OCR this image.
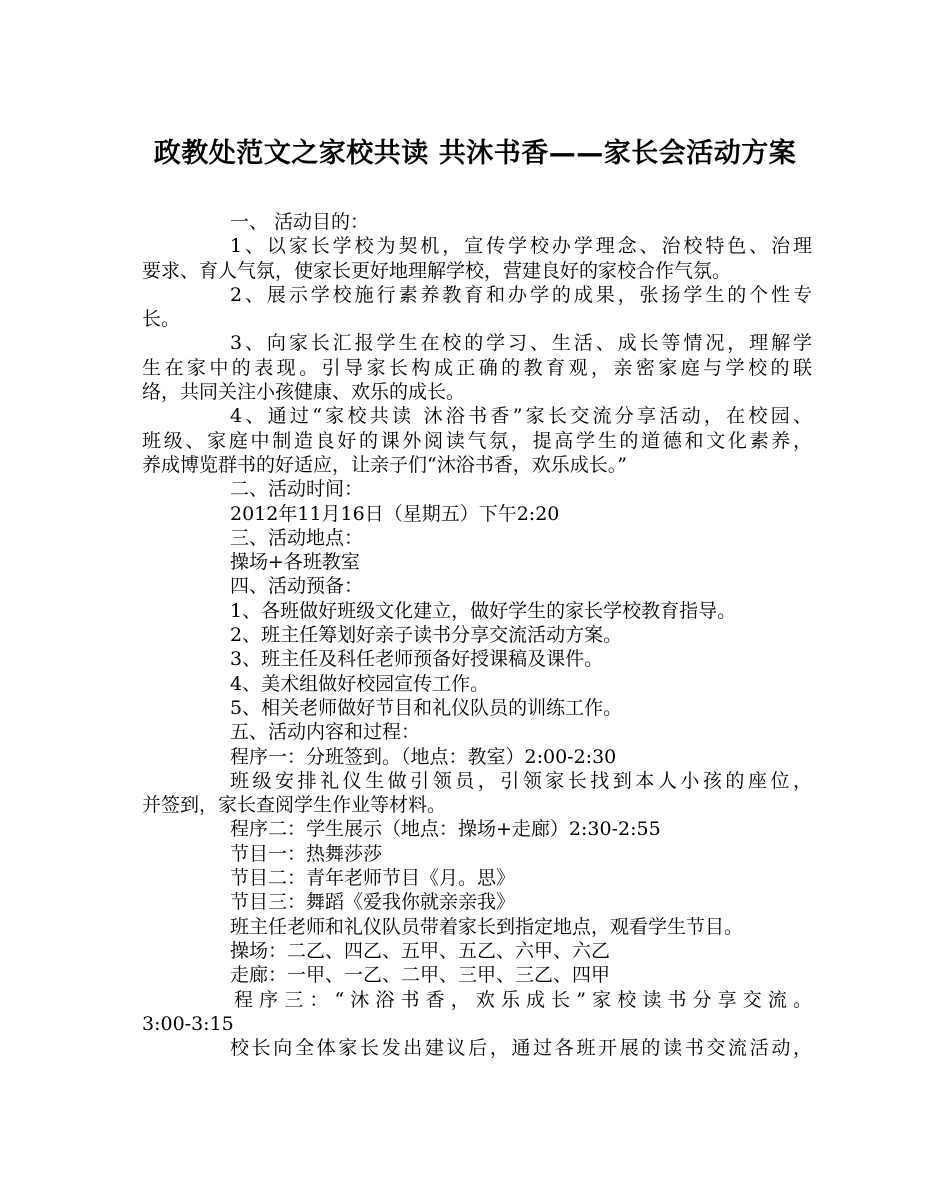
政教处范文之家校共读 共沐书香——家长会活动方案

一、 活动目的：

1、以家长学校为契机，宣传学校办学理念、治校特色、治理

要求、育人气氛，使家长更好地理解学校，营建良好的家校合作气氛。

2、展示学校施行素养教育和办学的成果，张扬学生的个性专

长。

3、向家长汇报学生在校的学习、生活、成长等情况，理解学

生在家中的表现。引导家长构成正确的教育观，亲密家庭与学校的联

络，共同关注小孩健康、欢乐的成长。

4、通过“家校共读 沐浴书香”家长交流分享活动，在校园、

班级、家庭中制造良好的课外阅读气氛，提高学生的道德和文化素养，

养成博览群书的好适应，让亲子们“沐浴书香，欢乐成长。”

二、活动时间：

2012年11月16日（星期五）下午2:20

三、活动地点：

操场+各班教室

四、活动预备：

1、各班做好班级文化建立，做好学生的家长学校教育指导。

2、班主任筹划好亲子读书分享交流活动方案。

3、班主任及科任老师预备好授课稿及课件。

4、美术组做好校园宣传工作。

5、相关老师做好节目和礼仪队员的训练工作。

五、活动内容和过程：

程序一：分班签到。（地点：教室）2:00-2:30

班级安排礼仪生做引领员，引领家长找到本人小孩的座位，

并签到，家长查阅学生作业等材料。

程序二：学生展示（地点：操场+走廊）2:30-2:55

节目一：热舞莎莎

节目二：青年老师节目《月。思》

节目三：舞蹈《爱我你就亲亲我》

班主任老师和礼仪队员带着家长到指定地点，观看学生节目。

操场：二乙、四乙、五甲、五乙、六甲、六乙

走廊：一甲、一乙、二甲、三甲、三乙、四甲

程序三：“沐浴书香，欢乐成长”家校读书分享交流。

3:00-3:15

校长向全体家长发出建议后，通过各班开展的读书交流活动，
